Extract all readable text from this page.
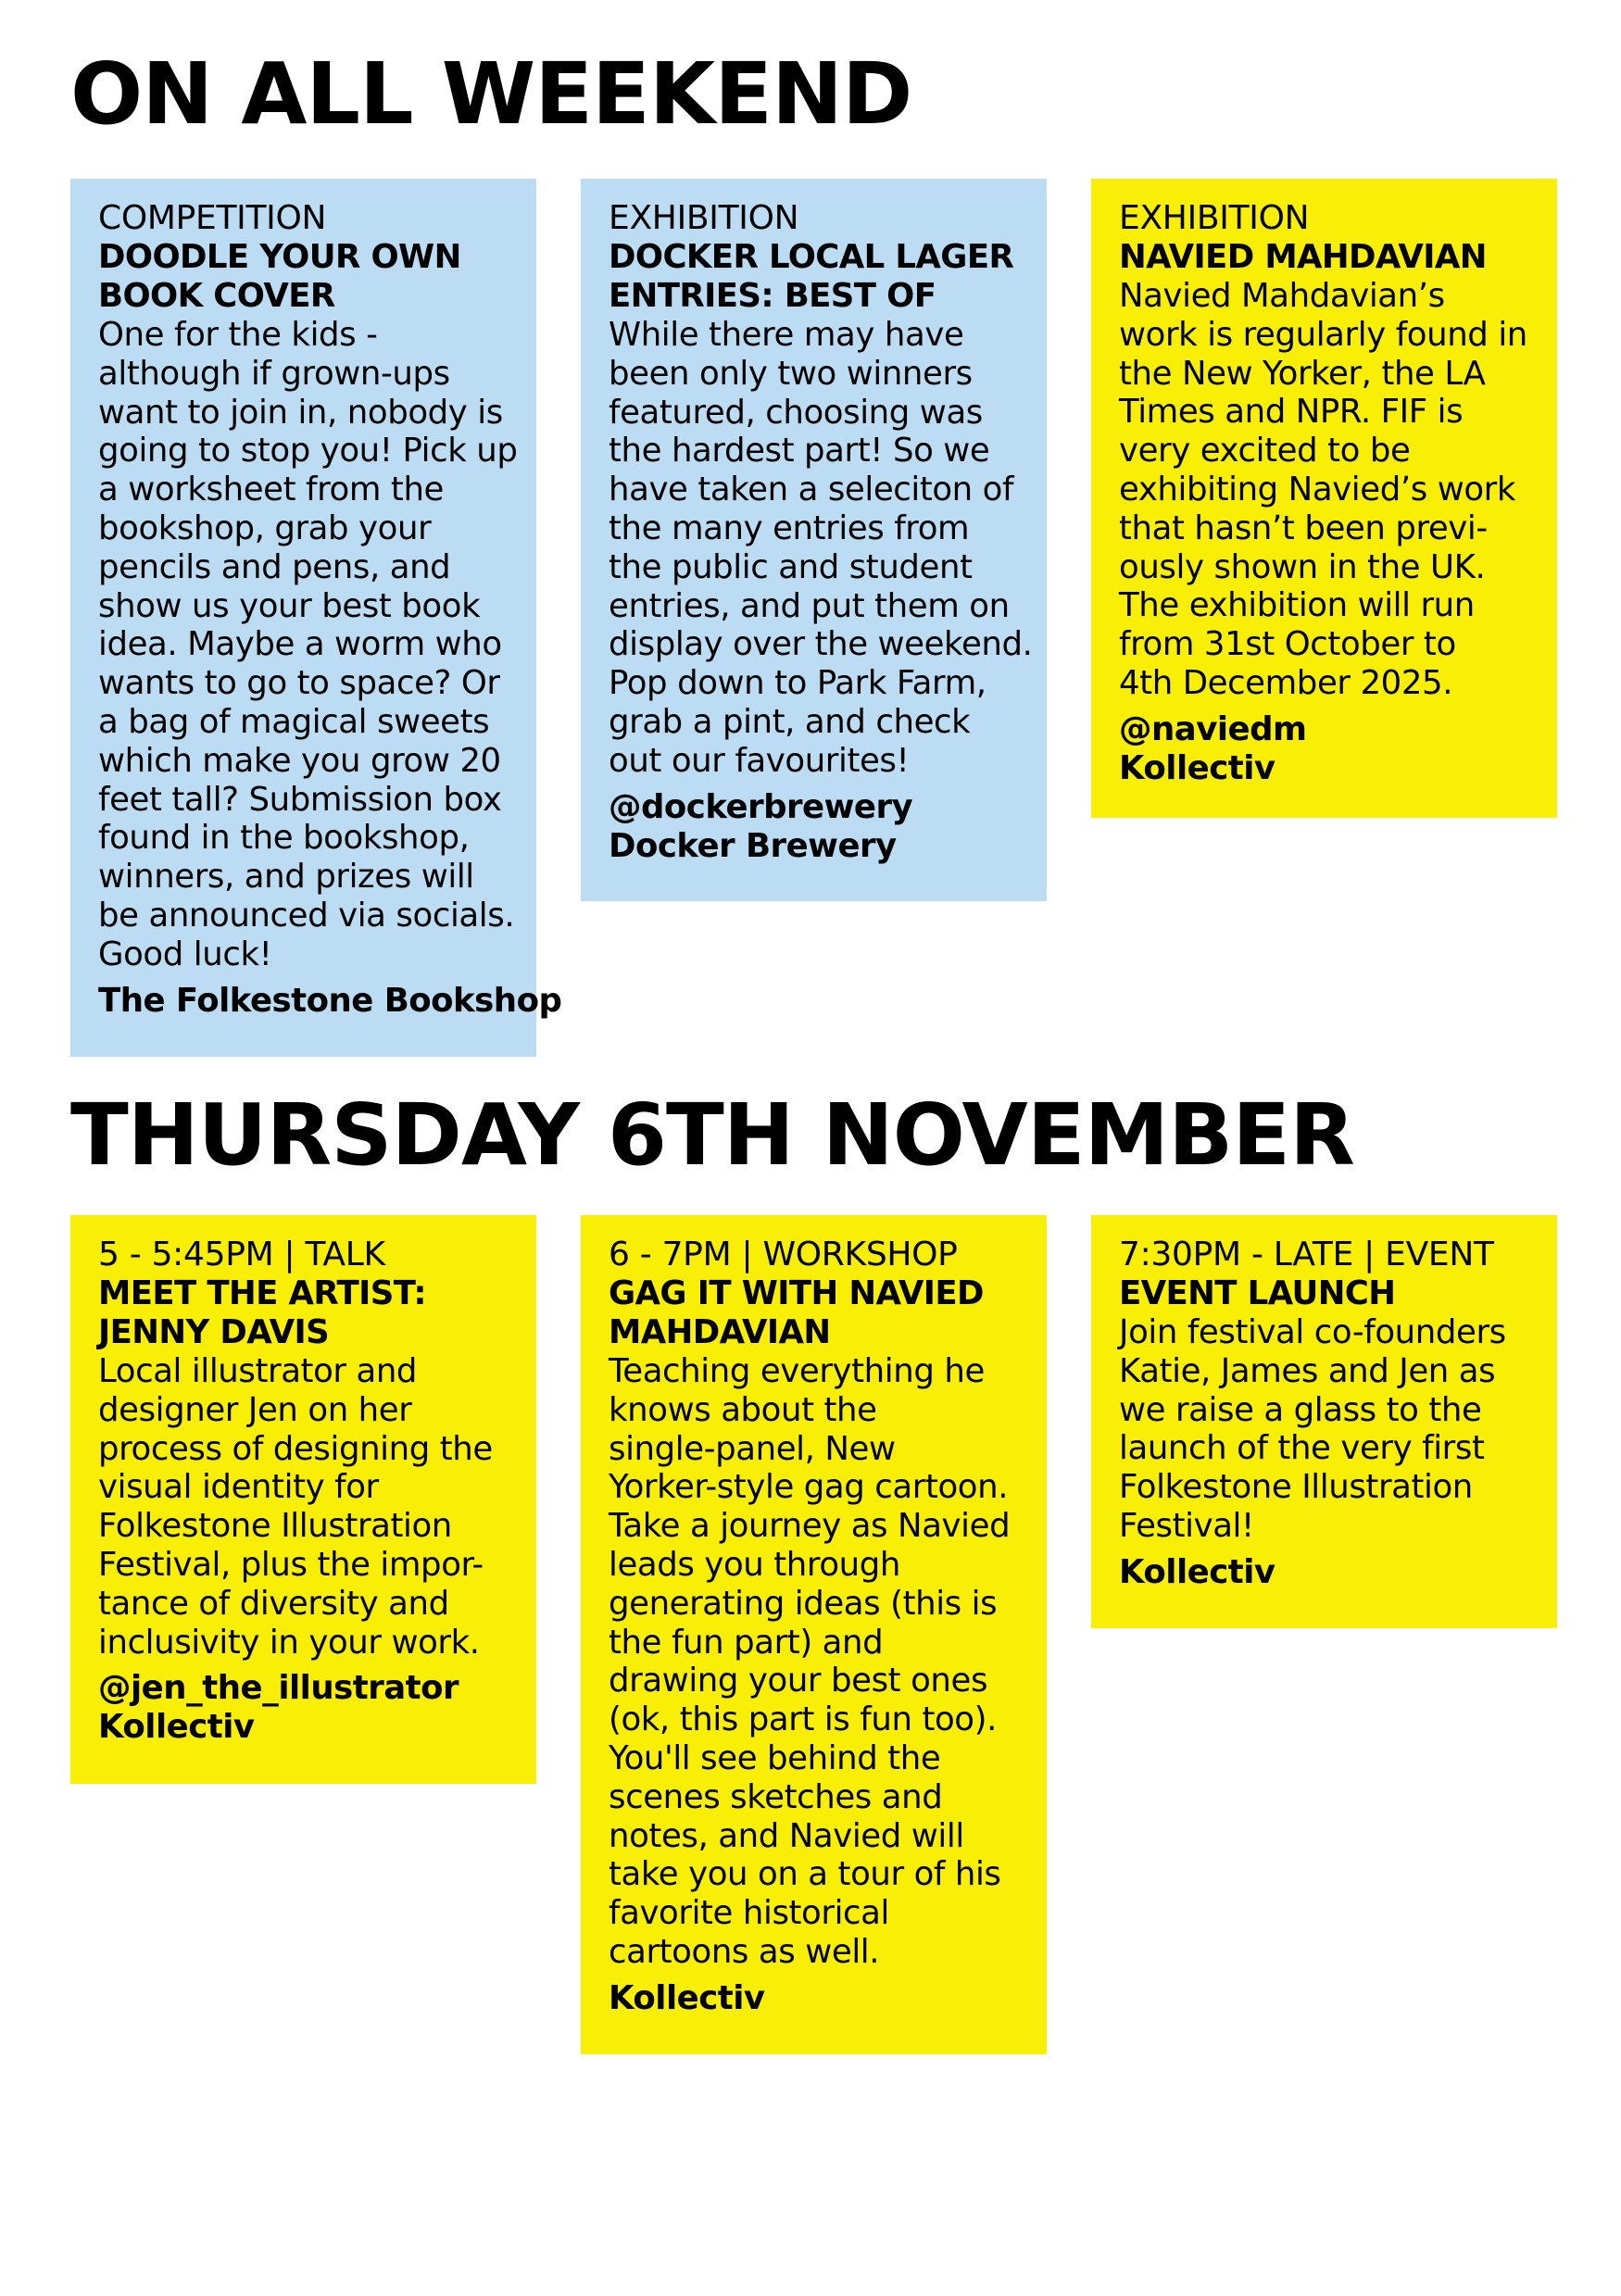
ON ALL WEEKEND
COMPETITION
DOODLE YOUR OWN
BOOK COVER
One for the kids -
although if grown-ups
want to join in, nobody is
going to stop you! Pick up
a worksheet from the
bookshop, grab your
pencils and pens, and
show us your best book
idea. Maybe a worm who
wants to go to space? Or
a bag of magical sweets
which make you grow 20
feet tall? Submission box
found in the bookshop,
winners, and prizes will
be announced via socials.
Good luck!
The Folkestone Bookshop
EXHIBITION
DOCKER LOCAL LAGER
ENTRIES: BEST OF
While there may have
been only two winners
featured, choosing was
the hardest part! So we
have taken a seleciton of
the many entries from
the public and student
entries, and put them on
display over the weekend.
Pop down to Park Farm,
grab a pint, and check
out our favourites!
@dockerbrewery
Docker Brewery
EXHIBITION
NAVIED MAHDAVIAN
Navied Mahdavian’s
work is regularly found in
the New Yorker, the LA
Times and NPR. FIF is
very excited to be
exhibiting Navied’s work
that hasn’t been previ-
ously shown in the UK.
The exhibition will run
from 31st October to
4th December 2025.
@naviedm
Kollectiv
THURSDAY 6TH NOVEMBER
5 - 5:45PM | TALK
MEET THE ARTIST:
JENNY DAVIS
Local illustrator and
designer Jen on her
process of designing the
visual identity for
Folkestone Illustration
Festival, plus the impor-
tance of diversity and
inclusivity in your work.
@jen_the_illustrator
Kollectiv
6 - 7PM | WORKSHOP
GAG IT WITH NAVIED
MAHDAVIAN
Teaching everything he
knows about the
single-panel, New
Yorker-style gag cartoon.
Take a journey as Navied
leads you through
generating ideas (this is
the fun part) and
drawing your best ones
(ok, this part is fun too).
You'll see behind the
scenes sketches and
notes, and Navied will
take you on a tour of his
favorite historical
cartoons as well.
Kollectiv
7:30PM - LATE | EVENT
EVENT LAUNCH
Join festival co-founders
Katie, James and Jen as
we raise a glass to the
launch of the very first
Folkestone Illustration
Festival!
Kollectiv
